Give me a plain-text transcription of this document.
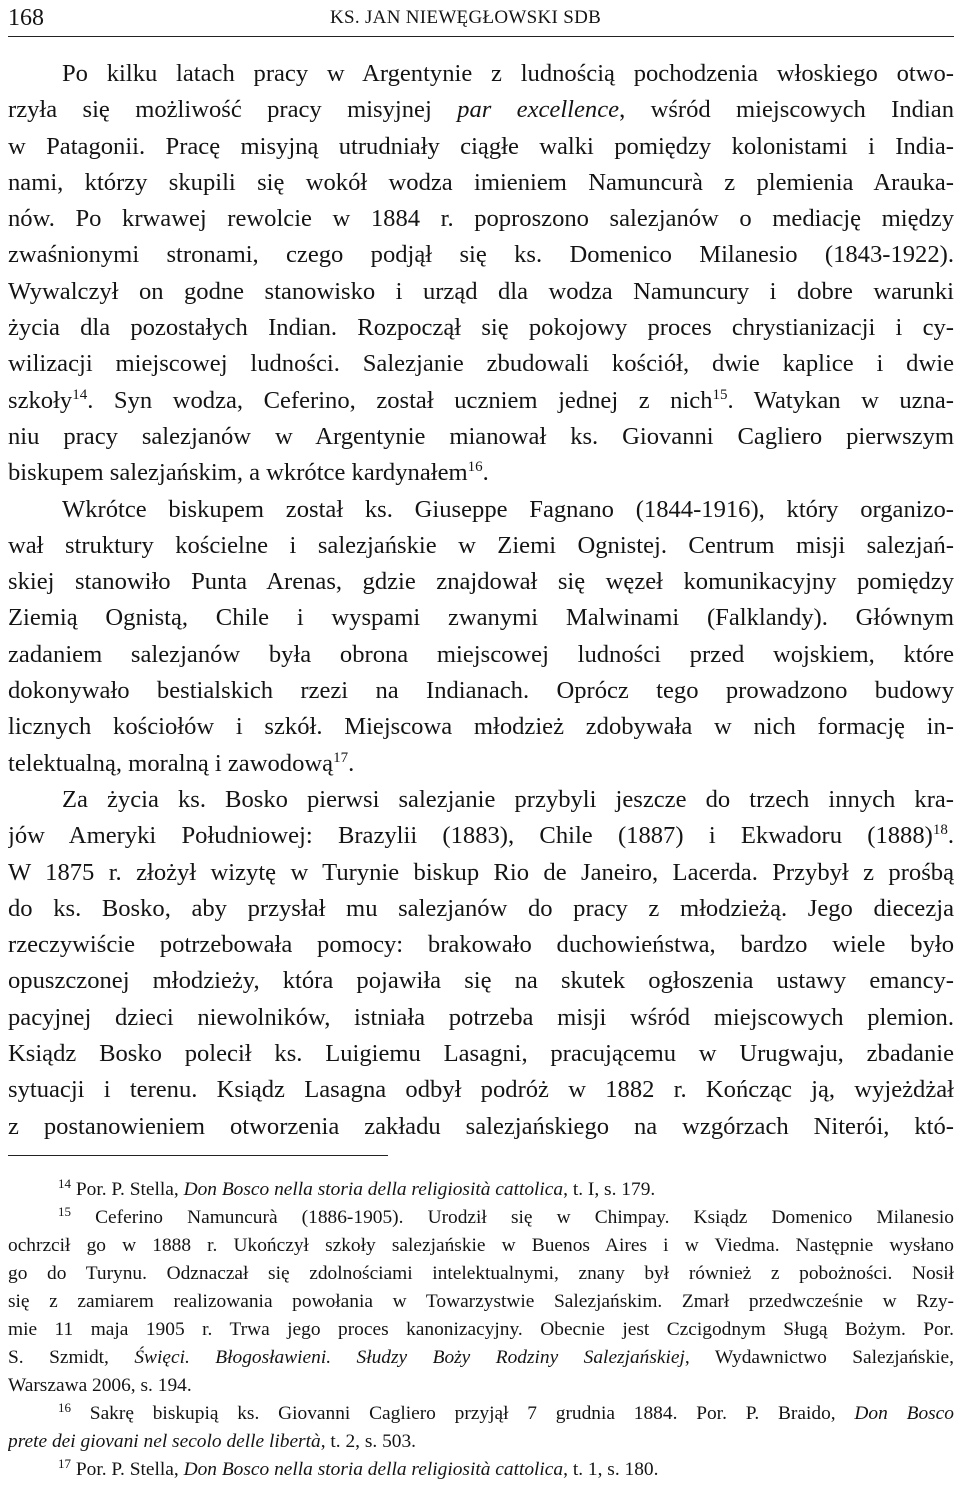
168	KS. JAN NIEWĘGŁOWSKI SDB
Po kilku latach pracy w Argentynie z ludnością pochodzenia włoskiego otwo-
rzyła się możliwość pracy misyjnej par excellence, wśród miejscowych Indian
w Patagonii. Pracę misyjną utrudniały ciągłe walki pomiędzy kolonistami i India-
nami, którzy skupili się wokół wodza imieniem Namuncurà z plemienia Arauka-
nów. Po krwawej rewolcie w 1884 r. poproszono salezjanów o mediację między
zwaśnionymi stronami, czego podjął się ks. Domenico Milanesio (1843-1922).
Wywalczył on godne stanowisko i urząd dla wodza Namuncury i dobre warunki
życia dla pozostałych Indian. Rozpoczął się pokojowy proces chrystianizacji i cy-
wilizacji miejscowej ludności. Salezjanie zbudowali kościół, dwie kaplice i dwie
szkoły$^{14}$. Syn wodza, Ceferino, został uczniem jednej z nich$^{15}$. Watykan w uzna-
niu pracy salezjanów w Argentynie mianował ks. Giovanni Cagliero pierwszym
biskupem salezjańskim, a wkrótce kardynałem$^{16}$.
Wkrótce biskupem został ks. Giuseppe Fagnano (1844-1916), który organizo-
wał struktury kościelne i salezjańskie w Ziemi Ognistej. Centrum misji salezjań-
skiej stanowiło Punta Arenas, gdzie znajdował się węzeł komunikacyjny pomiędzy
Ziemią Ognistą, Chile i wyspami zwanymi Malwinami (Falklandy). Głównym
zadaniem salezjanów była obrona miejscowej ludności przed wojskiem, które
dokonywało bestialskich rzezi na Indianach. Oprócz tego prowadzono budowy
licznych kościołów i szkół. Miejscowa młodzież zdobywała w nich formację in-
telektualną, moralną i zawodową$^{17}$.
Za życia ks. Bosko pierwsi salezjanie przybyli jeszcze do trzech innych kra-
jów Ameryki Południowej: Brazylii (1883), Chile (1887) i Ekwadoru $(1888)^{18}$.
W 1875 r. złożył wizytę w Turynie biskup Rio de Janeiro, Lacerda. Przybył z prośbą
do ks. Bosko, aby przysłał mu salezjanów do pracy z młodzieżą. Jego diecezja
rzeczywiście potrzebowała pomocy: brakowało duchowieństwa, bardzo wiele było
opuszczonej młodzieży, która pojawiła się na skutek ogłoszenia ustawy emancy-
pacyjnej dzieci niewolników, istniała potrzeba misji wśród miejscowych plemion.
Ksiądz Bosko polecił ks. Luigiemu Lasagni, pracującemu w Urugwaju, zbadanie
sytuacji i terenu. Ksiądz Lasagna odbył podróż w 1882 r. Kończąc ją, wyjeżdżał
z postanowieniem otworzenia zakładu salezjańskiego na wzgórzach Niterói, któ-
$^{14}$ Por. P. Stella, Don Bosco nella storia della religiosità cattolica, t. I, s. 179.
$^{15}$ Ceferino Namuncurà (1886-1905). Urodził się w Chimpay. Ksiądz Domenico Milanesio
ochrzcił go w 1888 r. Ukończył szkoły salezjańskie w Buenos Aires i w Viedma. Następnie wysłano
go do Turynu. Odznaczał się zdolnościami intelektualnymi, znany był również z pobożności. Nosił
się z zamiarem realizowania powołania w Towarzystwie Salezjańskim. Zmarł przedwcześnie w Rzy-
mie 11 maja 1905 r. Trwa jego proces kanonizacyjny. Obecnie jest Czcigodnym Sługą Bożym. Por.
S. Szmidt, Święci. Błogosławieni. Słudzy Boży Rodziny Salezjańskiej, Wydawnictwo Salezjańskie,
Warszawa 2006, s. 194.
$^{16}$ Sakrę biskupią ks. Giovanni Cagliero przyjął 7 grudnia 1884. Por. P. Braido, Don Bosco
prete dei giovani nel secolo delle libertà, t. 2, s. 503.
$^{17}$ Por. P. Stella, Don Bosco nella storia della religiosità cattolica, t. 1, s. 180.
